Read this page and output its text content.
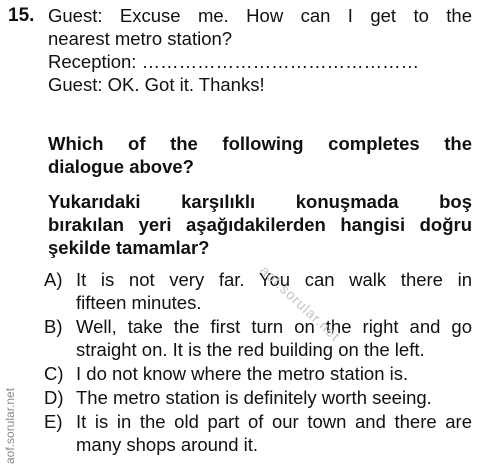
15. Guest: Excuse me. How can I get to the
nearest metro station?
Reception: ………………………………………
Guest: OK. Got it. Thanks!
Which of the following completes the
dialogue above?
Yukarıdaki karşılıklı konuşmada boş
bırakılan yeri aşağıdakilerden hangisi doğru
şekilde tamamlar?
A) It is not very far. You can walk there in
fifteen minutes.
B) Well, take the first turn on the right and go
straight on. It is the red building on the left.
C) I do not know where the metro station is.
D) The metro station is definitely worth seeing.
E) It is in the old part of our town and there are
many shops around it.
aof.sorular.net
aof.sorular.net
